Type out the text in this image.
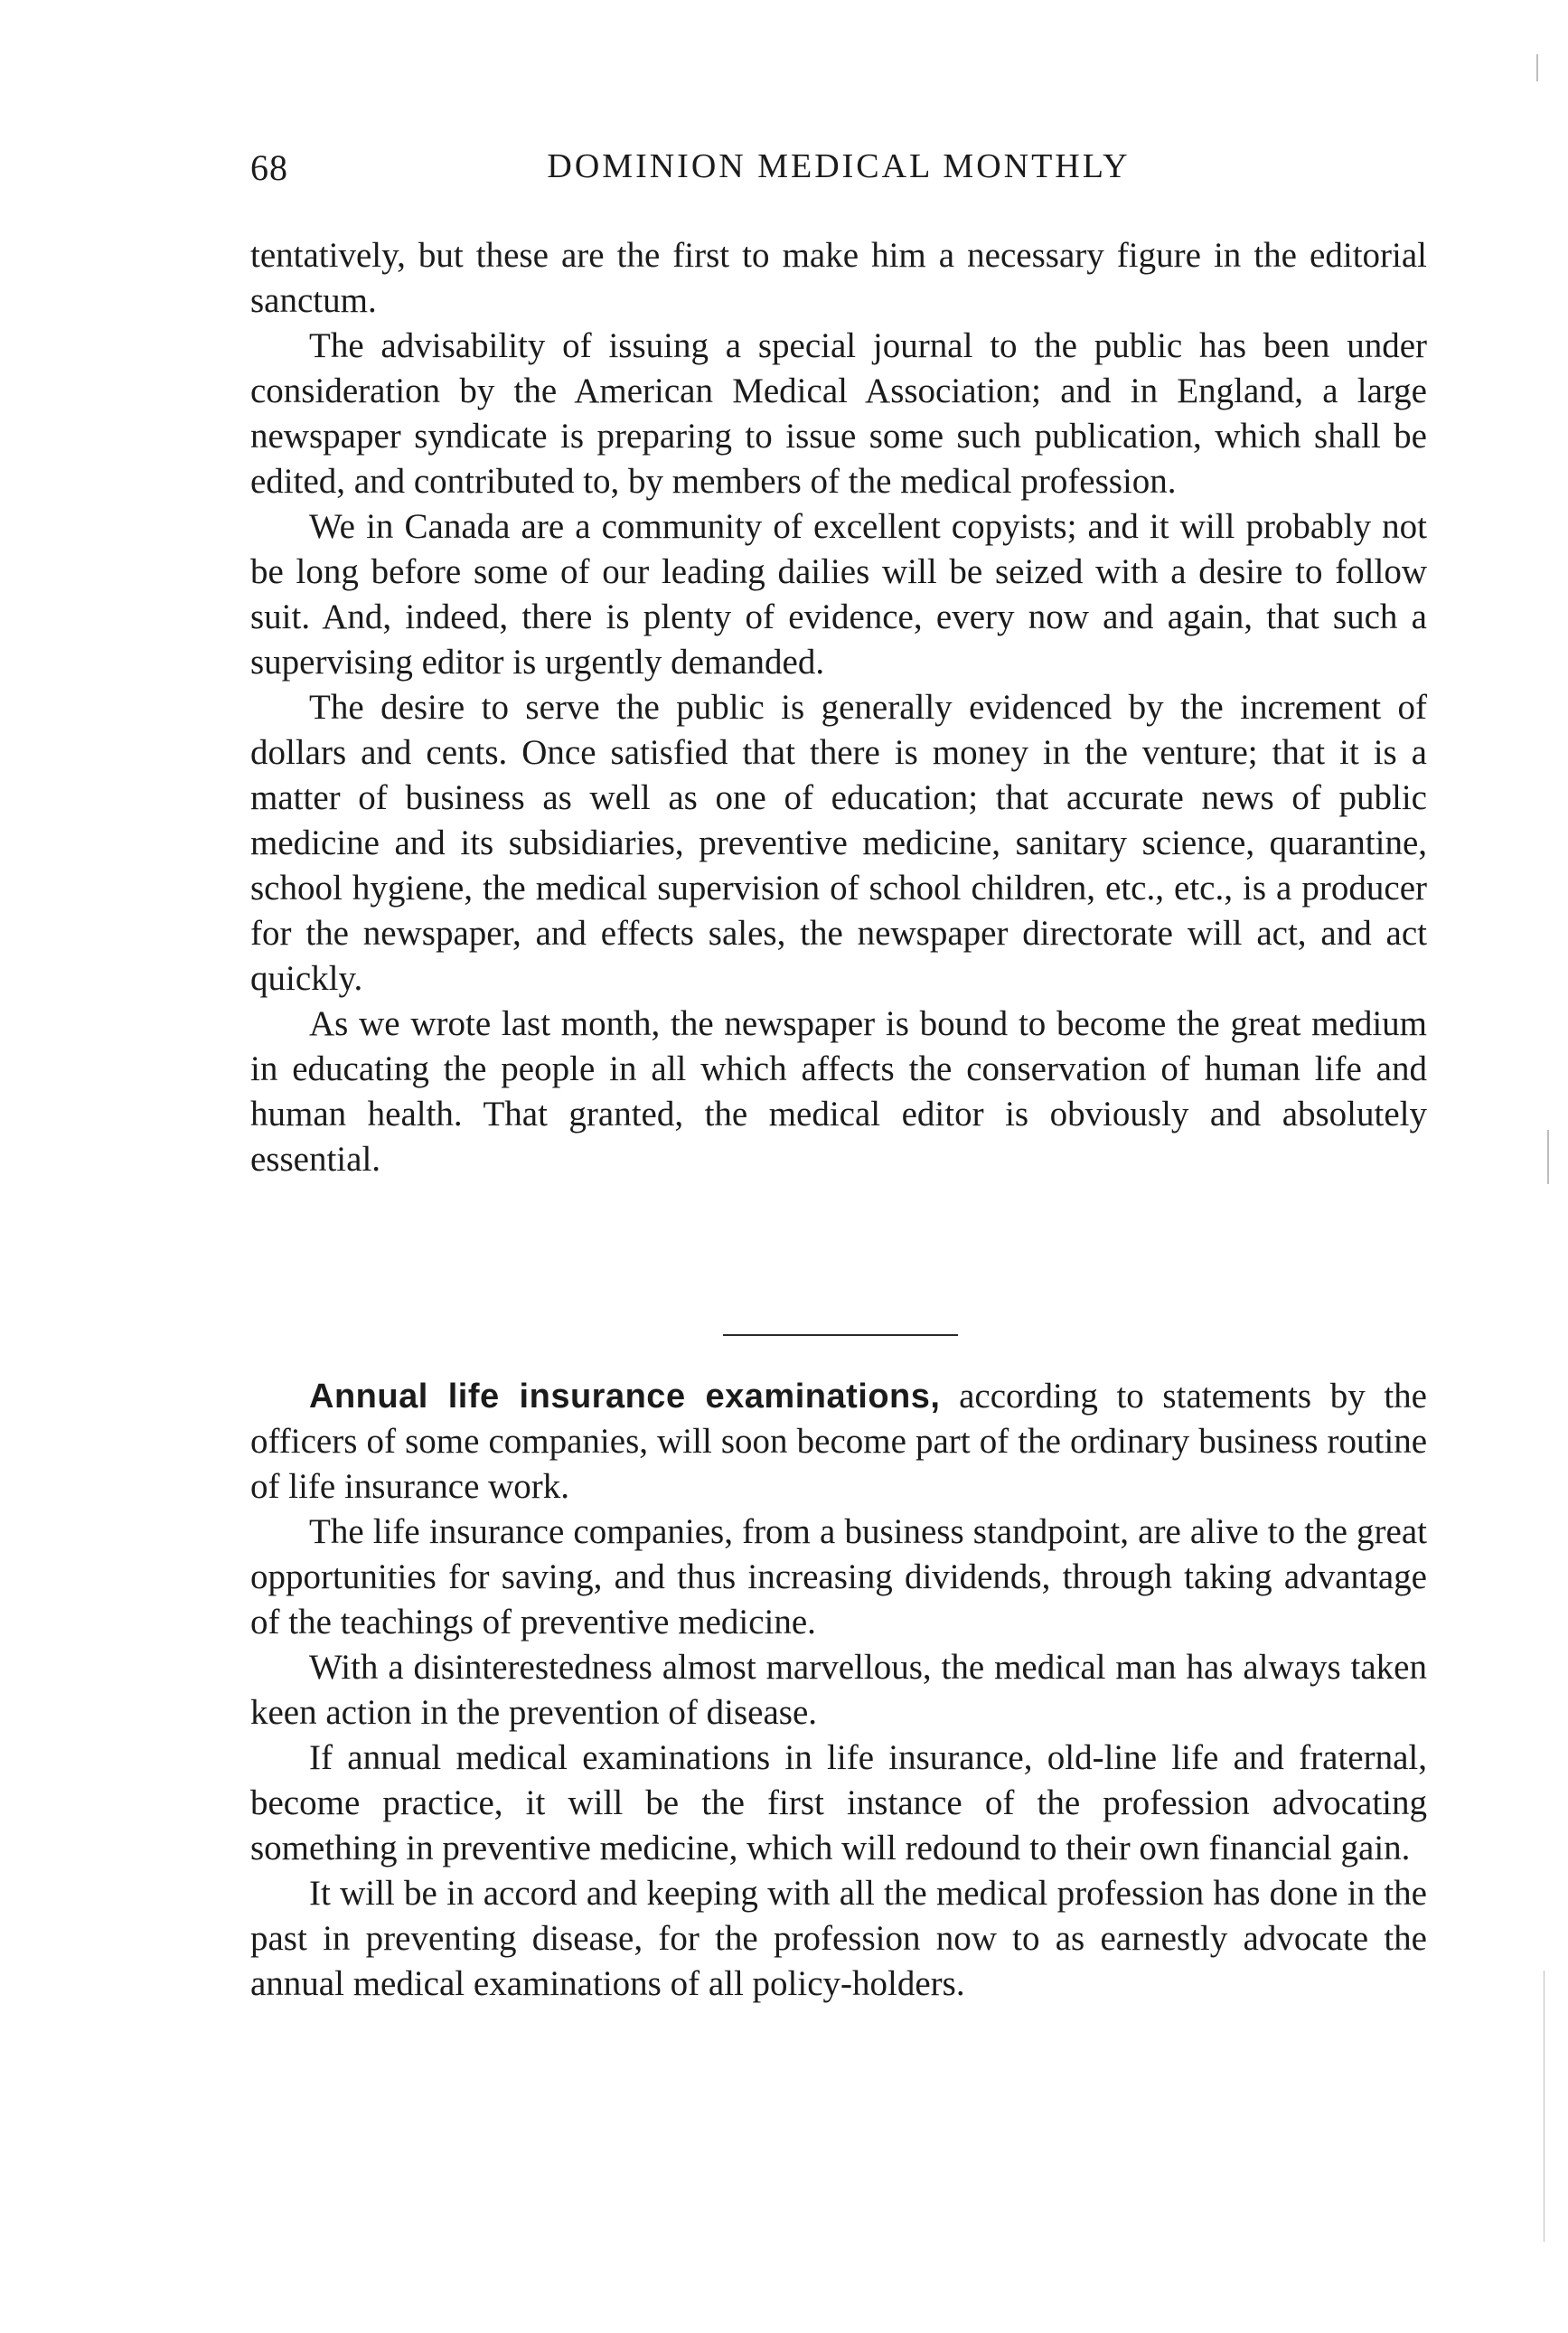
68	DOMINION MEDICAL MONTHLY

tentatively, but these are the first to make him a necessary figure in the editorial sanctum.

The advisability of issuing a special journal to the public has been under consideration by the American Medical Association; and in England, a large newspaper syndicate is preparing to issue some such publication, which shall be edited, and contributed to, by members of the medical profession.

We in Canada are a community of excellent copyists; and it will probably not be long before some of our leading dailies will be seized with a desire to follow suit. And, indeed, there is plenty of evidence, every now and again, that such a supervising editor is urgently demanded.

The desire to serve the public is generally evidenced by the increment of dollars and cents. Once satisfied that there is money in the venture; that it is a matter of business as well as one of education; that accurate news of public medicine and its subsidiaries, preventive medicine, sanitary science, quarantine, school hygiene, the medical supervision of school children, etc., etc., is a producer for the newspaper, and effects sales, the newspaper directorate will act, and act quickly.

As we wrote last month, the newspaper is bound to become the great medium in educating the people in all which affects the conservation of human life and human health. That granted, the medical editor is obviously and absolutely essential.

Annual life insurance examinations, according to statements by the officers of some companies, will soon become part of the ordinary business routine of life insurance work.

The life insurance companies, from a business standpoint, are alive to the great opportunities for saving, and thus increasing dividends, through taking advantage of the teachings of preventive medicine.

With a disinterestedness almost marvellous, the medical man has always taken keen action in the prevention of disease.

If annual medical examinations in life insurance, old-line life and fraternal, become practice, it will be the first instance of the profession advocating something in preventive medicine, which will redound to their own financial gain.

It will be in accord and keeping with all the medical profession has done in the past in preventing disease, for the profession now to as earnestly advocate the annual medical examinations of all policy-holders.
